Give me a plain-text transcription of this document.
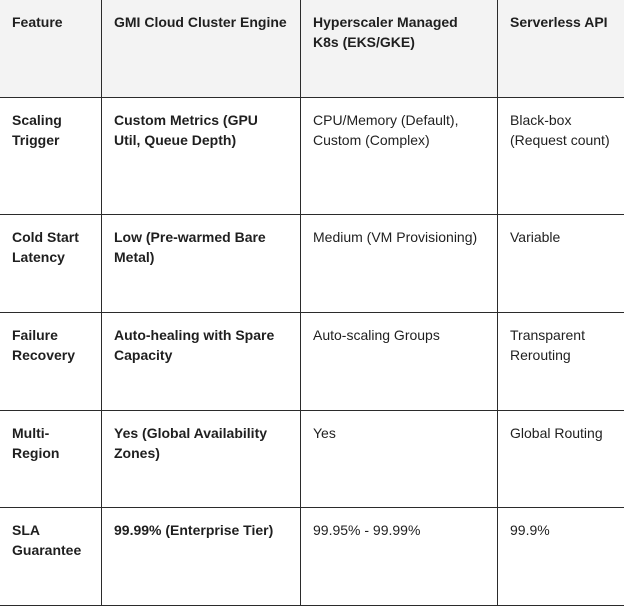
Feature	GMI Cloud Cluster Engine	Hyperscaler Managed K8s (EKS/GKE)	Serverless API
Scaling Trigger	Custom Metrics (GPU Util, Queue Depth)	CPU/Memory (Default), Custom (Complex)	Black-box (Request count)
Cold Start Latency	Low (Pre-warmed Bare Metal)	Medium (VM Provisioning)	Variable
Failure Recovery	Auto-healing with Spare Capacity	Auto-scaling Groups	Transparent Rerouting
Multi-Region	Yes (Global Availability Zones)	Yes	Global Routing
SLA Guarantee	99.99% (Enterprise Tier)	99.95% - 99.99%	99.9%
